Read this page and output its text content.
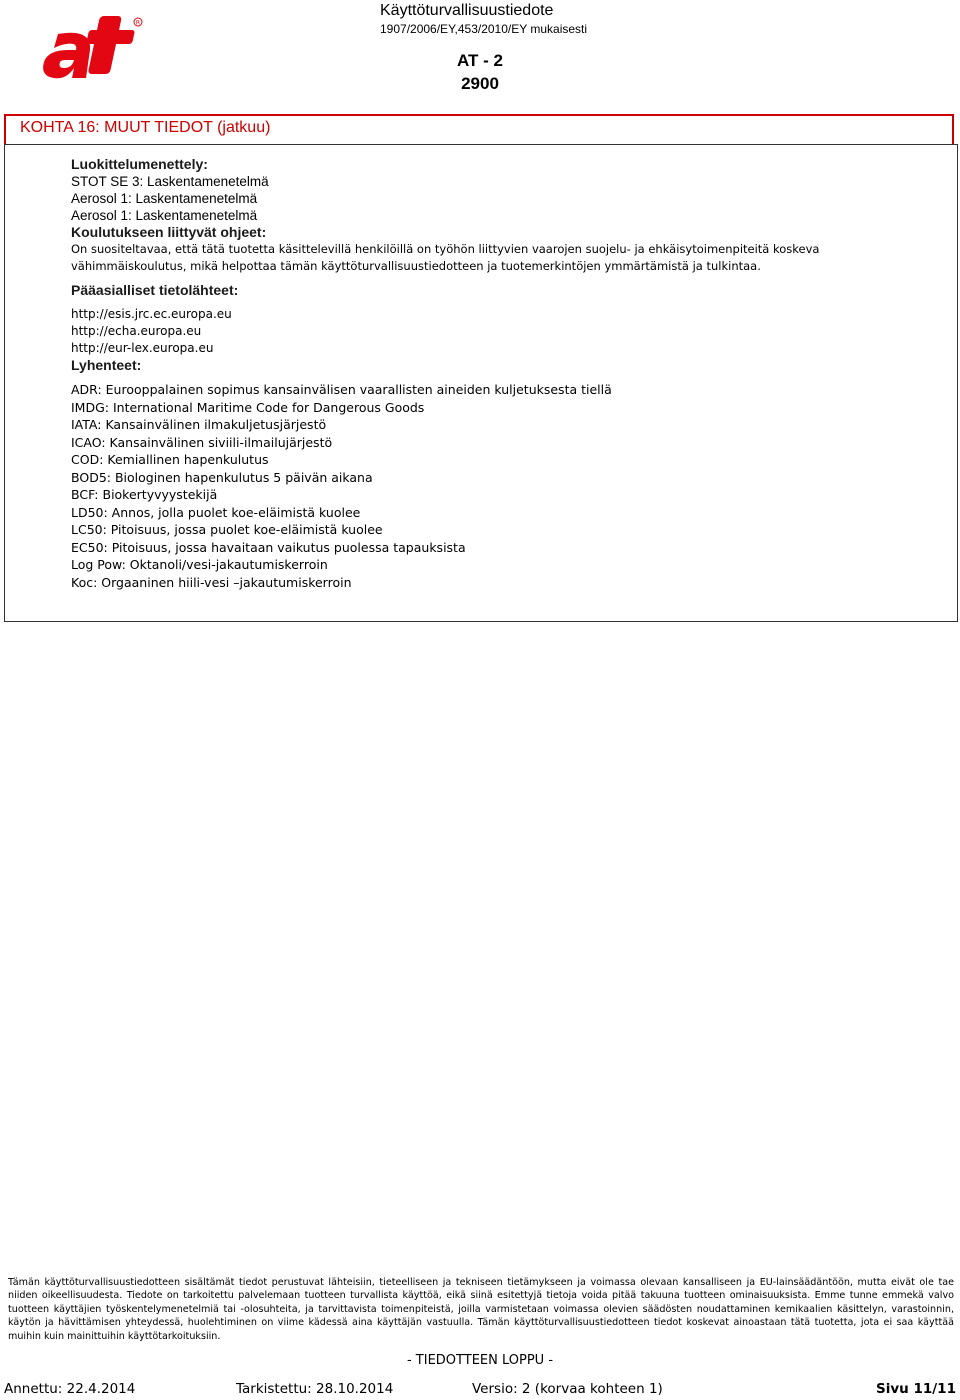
R
Käyttöturvallisuustiedote
1907/2006/EY,453/2010/EY mukaisesti
AT - 2
2900
KOHTA 16: MUUT TIEDOT (jatkuu)
Luokittelumenettely:
STOT SE 3: Laskentamenetelmä
Aerosol 1: Laskentamenetelmä
Aerosol 1: Laskentamenetelmä
Koulutukseen liittyvät ohjeet:
On suositeltavaa, että tätä tuotetta käsittelevillä henkilöillä on työhön liittyvien vaarojen suojelu- ja ehkäisytoimenpiteitä koskeva vähimmäiskoulutus, mikä helpottaa tämän käyttöturvallisuustiedotteen ja tuotemerkintöjen ymmärtämistä ja tulkintaa.
Pääasialliset tietolähteet:
http://esis.jrc.ec.europa.eu
http://echa.europa.eu
http://eur-lex.europa.eu
Lyhenteet:
ADR: Eurooppalainen sopimus kansainvälisen vaarallisten aineiden kuljetuksesta tiellä
IMDG: International Maritime Code for Dangerous Goods
IATA: Kansainvälinen ilmakuljetusjärjestö
ICAO: Kansainvälinen siviili-ilmailujärjestö
COD: Kemiallinen hapenkulutus
BOD5: Biologinen hapenkulutus 5 päivän aikana
BCF: Biokertyvyystekijä
LD50: Annos, jolla puolet koe-eläimistä kuolee
LC50: Pitoisuus, jossa puolet koe-eläimistä kuolee
EC50: Pitoisuus, jossa havaitaan vaikutus puolessa tapauksista
Log Pow: Oktanoli/vesi-jakautumiskerroin
Koc: Orgaaninen hiili-vesi –jakautumiskerroin
Tämän käyttöturvallisuustiedotteen sisältämät tiedot perustuvat lähteisiin, tieteelliseen ja tekniseen tietämykseen ja voimassa olevaan kansalliseen ja EU-lainsäädäntöön, mutta eivät ole tae niiden oikeellisuudesta. Tiedote on tarkoitettu palvelemaan tuotteen turvallista käyttöä, eikä siinä esitettyjä tietoja voida pitää takuuna tuotteen ominaisuuksista. Emme tunne emmekä valvo tuotteen käyttäjien työskentelymenetelmiä tai -olosuhteita, ja tarvittavista toimenpiteistä, joilla varmistetaan voimassa olevien säädösten noudattaminen kemikaalien käsittelyn, varastoinnin, käytön ja hävittämisen yhteydessä, huolehtiminen on viime kädessä aina käyttäjän vastuulla. Tämän käyttöturvallisuustiedotteen tiedot koskevat ainoastaan tätä tuotetta, jota ei saa käyttää muihin kuin mainittuihin käyttötarkoituksiin.
- TIEDOTTEEN LOPPU -
Annettu: 22.4.2014	Tarkistettu: 28.10.2014	Versio: 2 (korvaa kohteen 1)	Sivu 11/11
